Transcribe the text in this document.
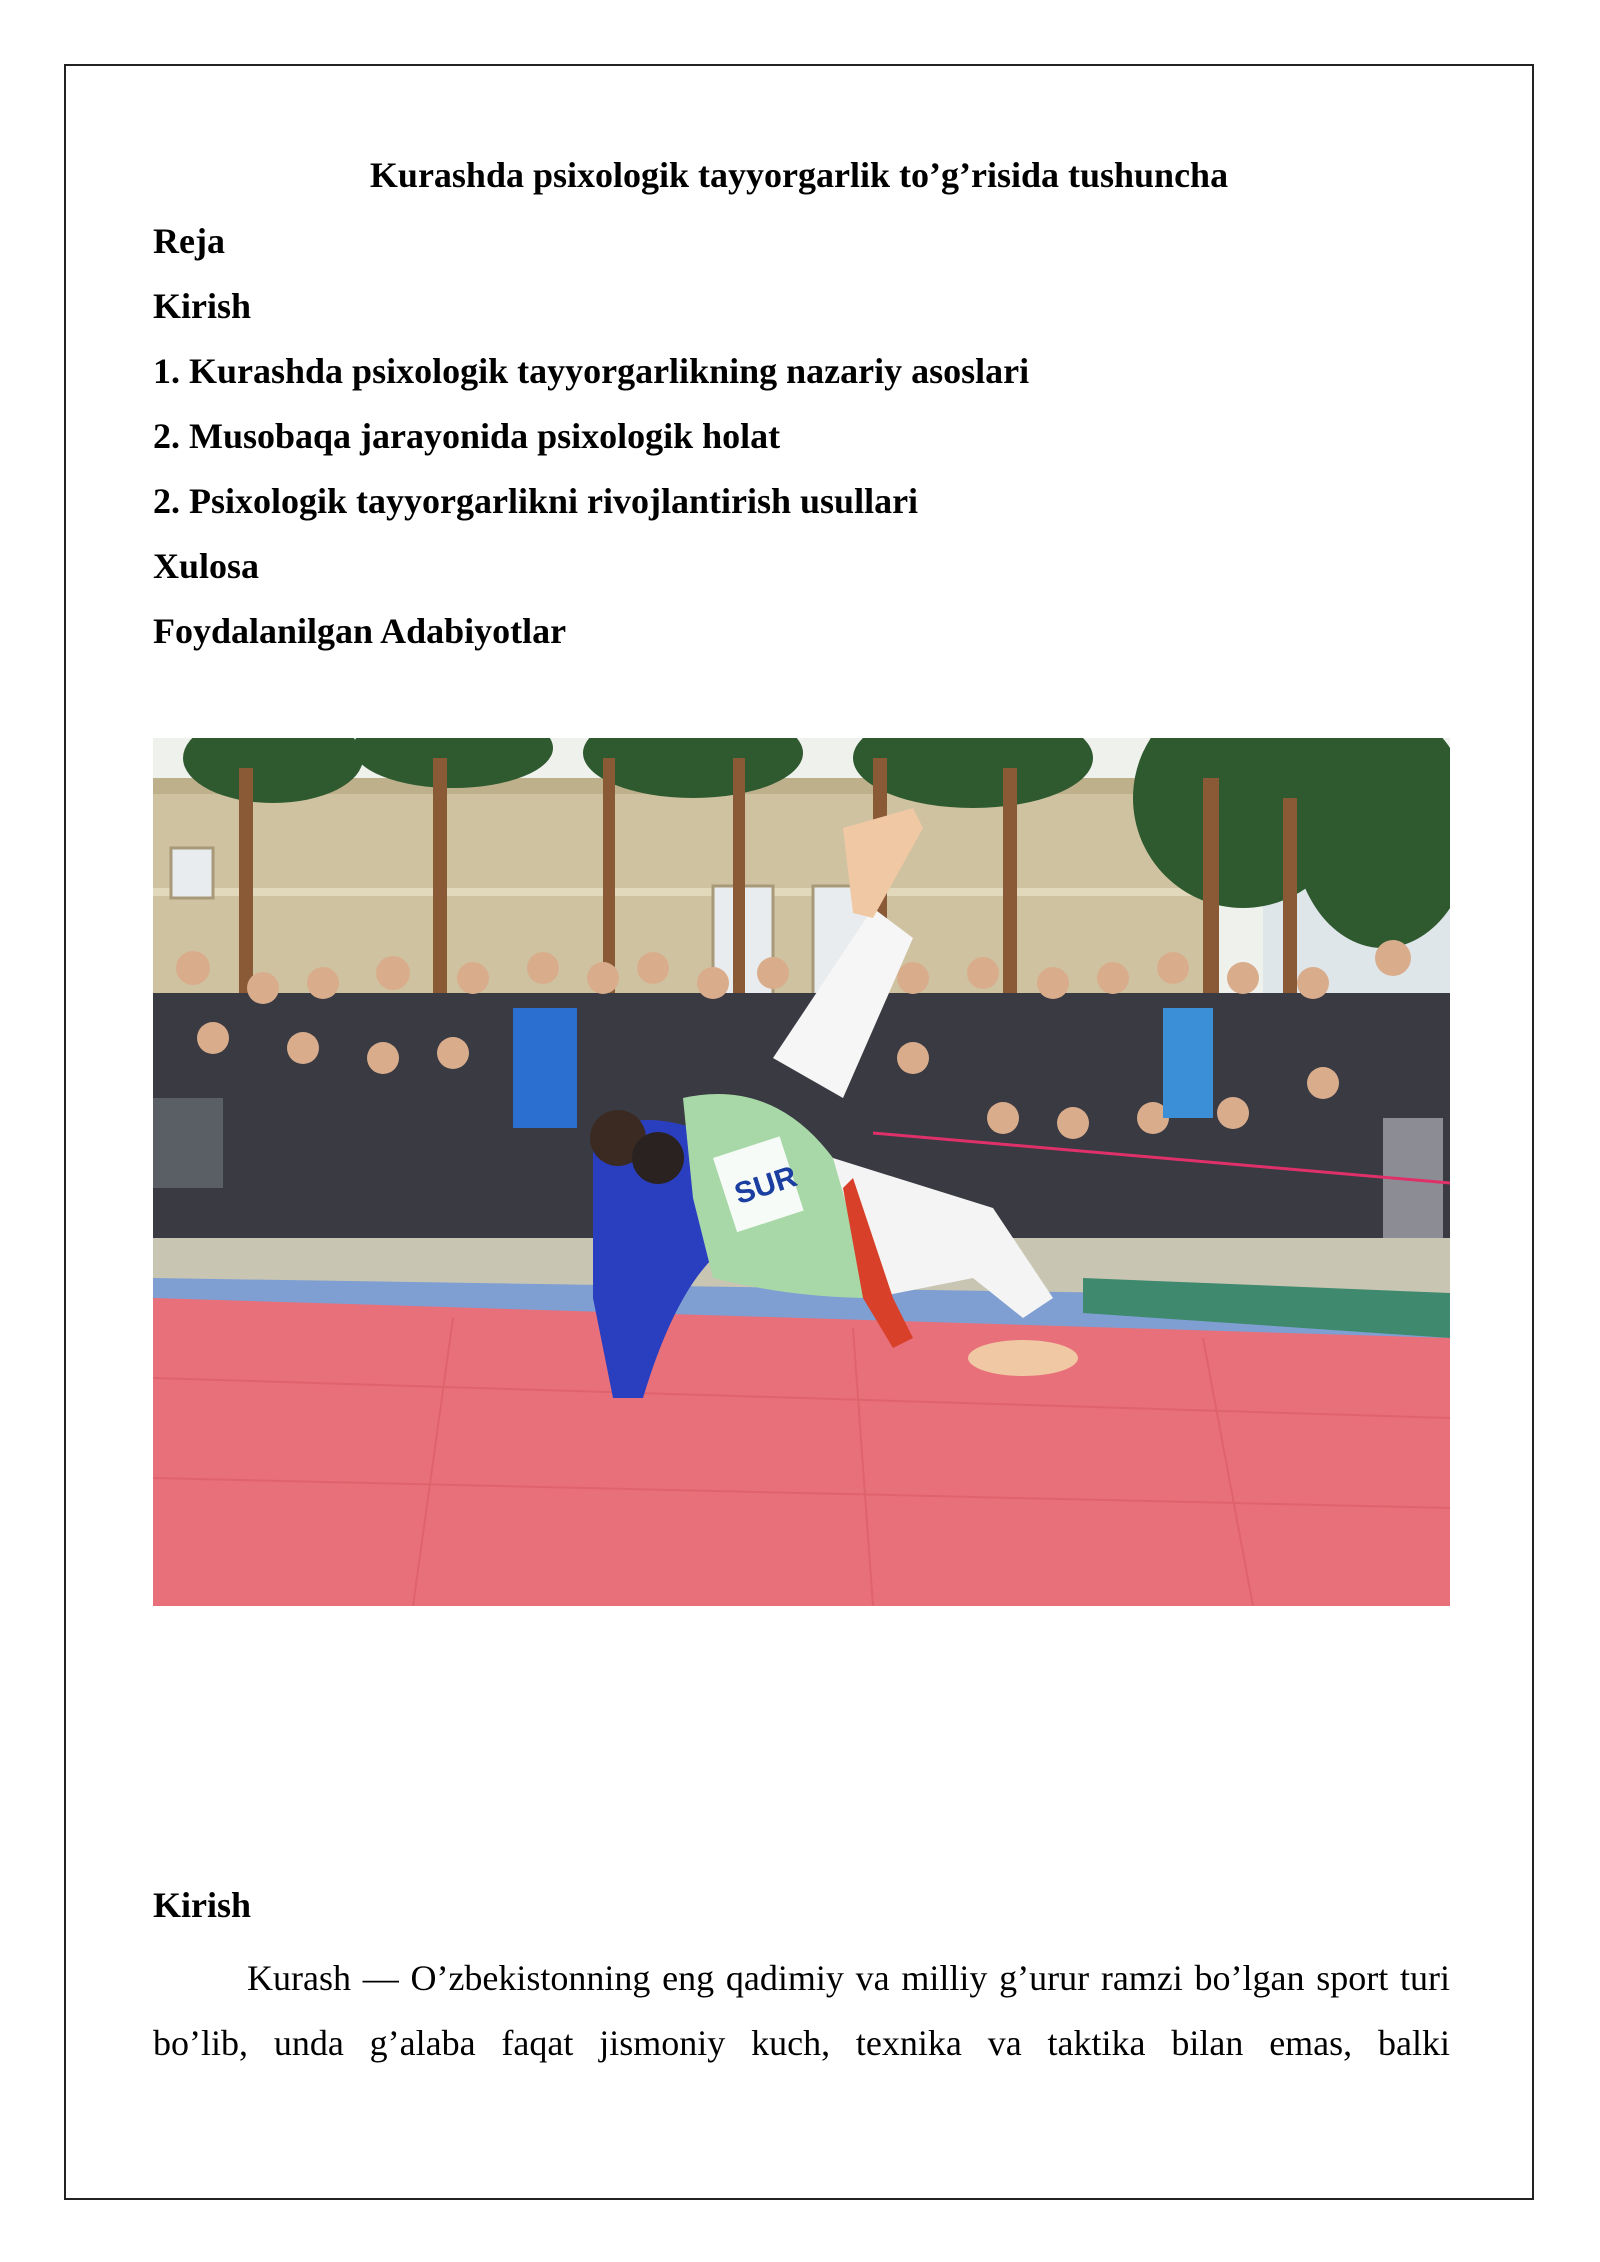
Kurashda psixologik tayyorgarlik to’g’risida tushuncha
Reja
Kirish
1. Kurashda psixologik tayyorgarlikning nazariy asoslari
2. Musobaqa jarayonida psixologik holat
2. Psixologik tayyorgarlikni rivojlantirish usullari
Xulosa
Foydalanilgan Adabiyotlar
SUR
Kirish
Kurash — O’zbekistonning eng qadimiy va milliy g’urur ramzi bo’lgan sport turi bo’lib, unda g’alaba faqat jismoniy kuch, texnika va taktika bilan emas, balki
